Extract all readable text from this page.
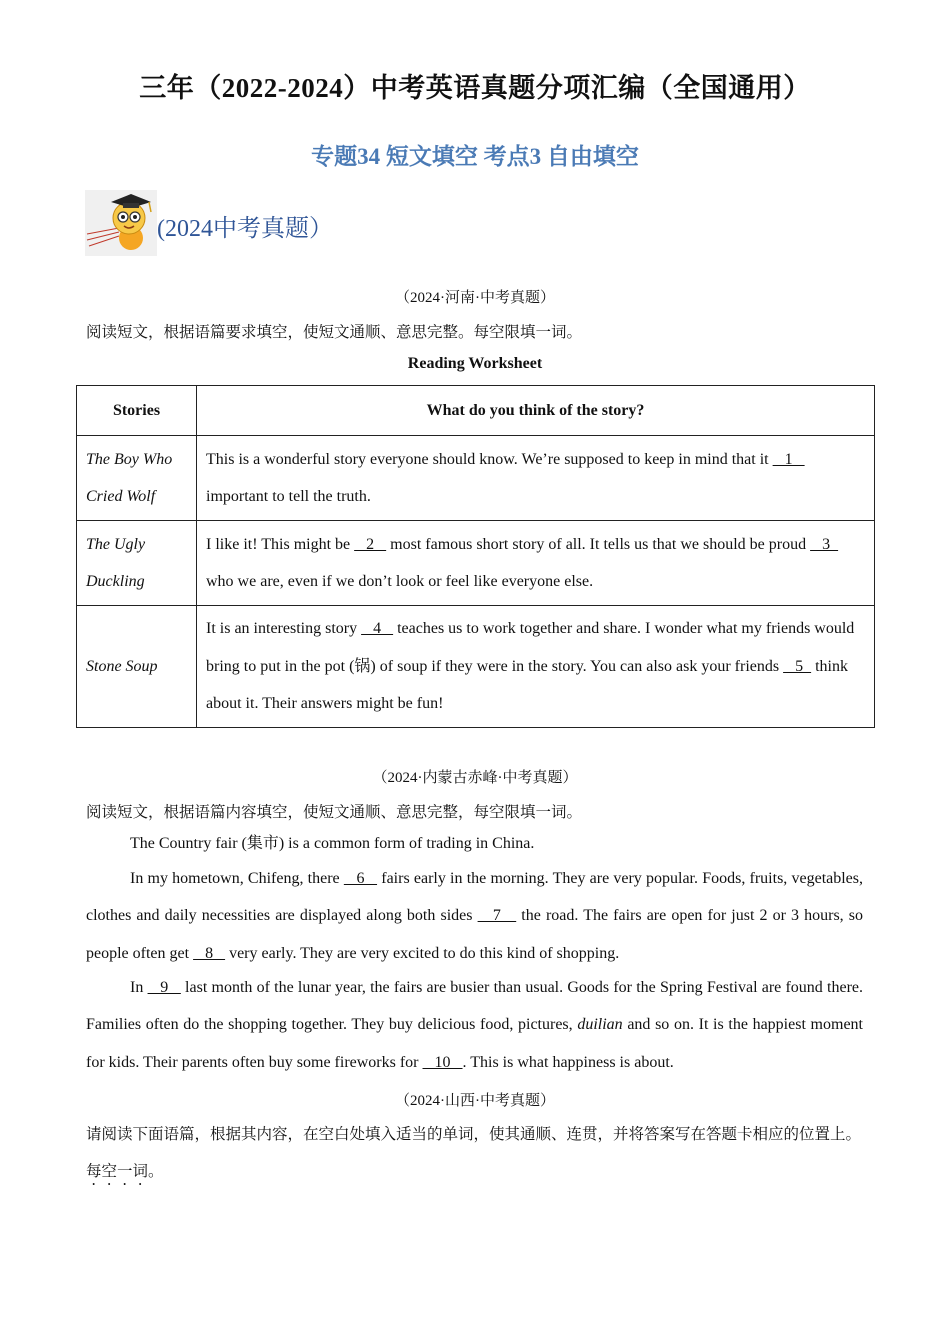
三年（2022-2024）中考英语真题分项汇编（全国通用）
专题34 短文填空 考点3 自由填空
(2024中考真题）
（2024·河南·中考真题）
阅读短文，根据语篇要求填空，使短文通顺、意思完整。每空限填一词。
Reading Worksheet
Stories	What do you think of the story?
The Boy Who
Cried Wolf	This is a wonderful story everyone should know. We’re supposed to keep in mind that it    1    important to tell the truth.
The Ugly
Duckling	I like it! This might be    2    most famous short story of all. It tells us that we should be proud    3   who we are, even if we don’t look or feel like everyone else.
Stone Soup	It is an interesting story    4    teaches us to work together and share. I wonder what my friends would bring to put in the pot (锅) of soup if they were in the story. You can also ask your friends    5   think about it. Their answers might be fun!
（2024·内蒙古赤峰·中考真题）
阅读短文，根据语篇内容填空，使短文通顺、意思完整，每空限填一词。
The Country fair (集市) is a common form of trading in China.
In my hometown, Chifeng, there    6    fairs early in the morning. They are very popular. Foods, fruits, vegetables, clothes and daily necessities are displayed along both sides    7    the road. The fairs are open for just 2 or 3 hours, so people often get    8    very early. They are very excited to do this kind of shopping.
In    9    last month of the lunar year, the fairs are busier than usual. Goods for the Spring Festival are found there. Families often do the shopping together. They buy delicious food, pictures, duilian and so on. It is the happiest moment for kids. Their parents often buy some fireworks for    10   . This is what happiness is about.
（2024·山西·中考真题）
请阅读下面语篇，根据其内容，在空白处填入适当的单词，使其通顺、连贯，并将答案写在答题卡相应的位置上。每空一词。
